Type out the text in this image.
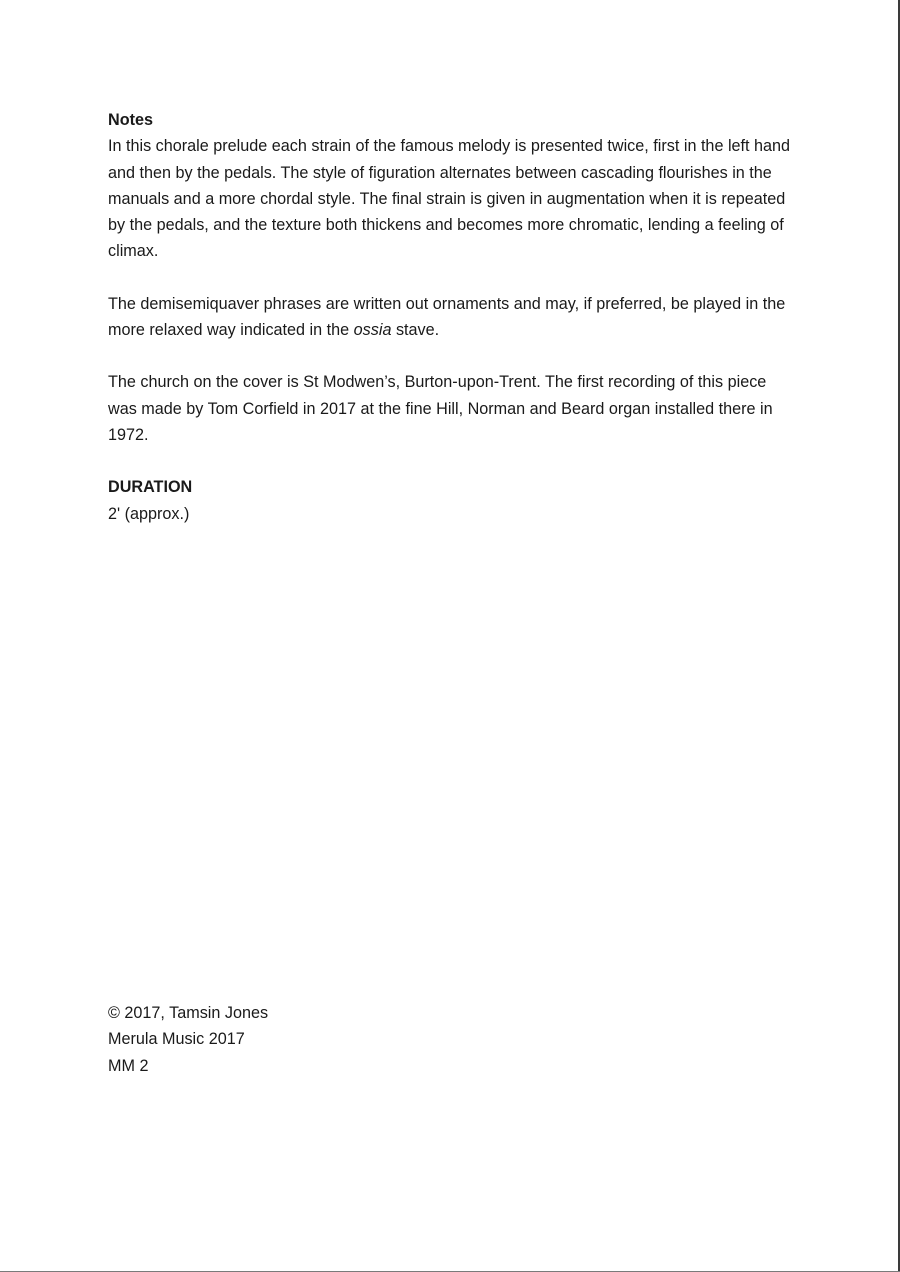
Notes

In this chorale prelude each strain of the famous melody is presented twice, first in the left hand and then by the pedals. The style of figuration alternates between cascading flourishes in the manuals and a more chordal style. The final strain is given in augmentation when it is repeated by the pedals, and the texture both thickens and becomes more chromatic, lending a feeling of climax.

The demisemiquaver phrases are written out ornaments and may, if preferred, be played in the more relaxed way indicated in the ossia stave.

The church on the cover is St Modwen’s, Burton-upon-Trent. The first recording of this piece was made by Tom Corfield in 2017 at the fine Hill, Norman and Beard organ installed there in 1972.

DURATION

2' (approx.)

© 2017, Tamsin Jones
Merula Music 2017
MM 2
